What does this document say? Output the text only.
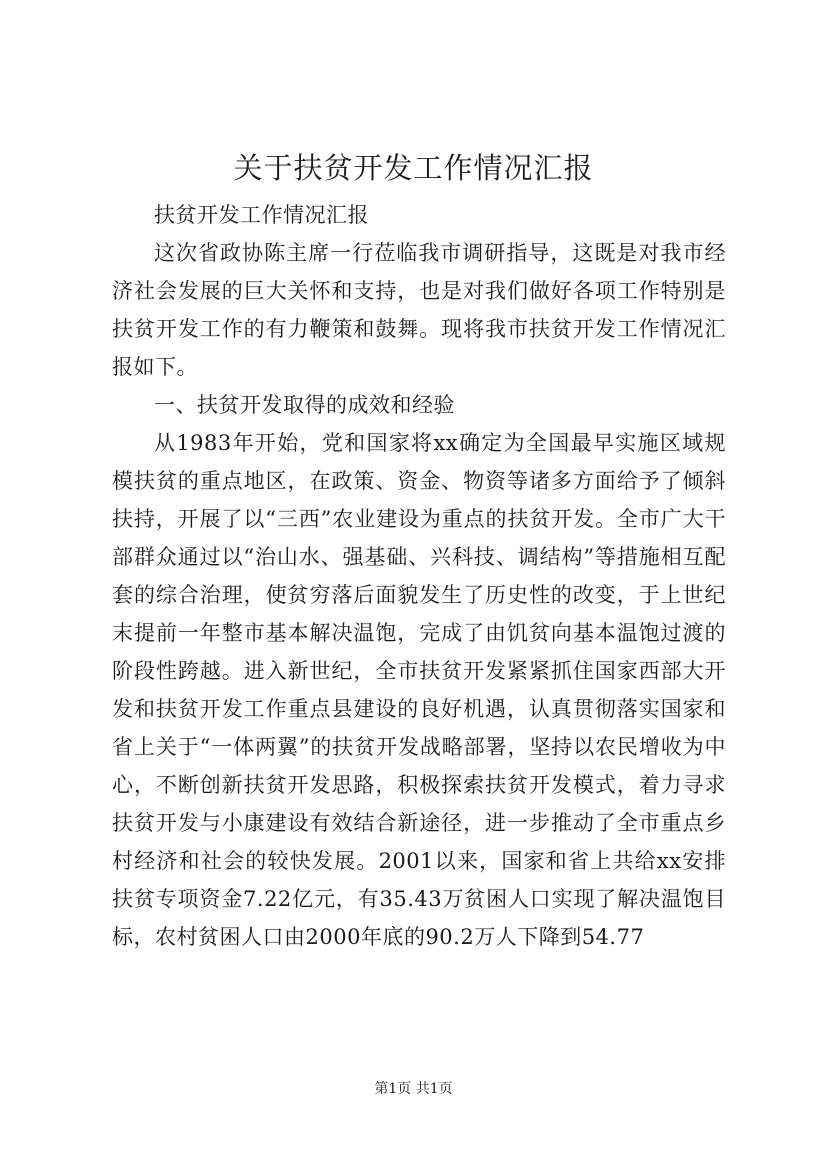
关于扶贫开发工作情况汇报

扶贫开发工作情况汇报

这次省政协陈主席一行莅临我市调研指导，这既是对我市经济社会发展的巨大关怀和支持，也是对我们做好各项工作特别是扶贫开发工作的有力鞭策和鼓舞。现将我市扶贫开发工作情况汇报如下。

一、扶贫开发取得的成效和经验

从1983年开始，党和国家将xx确定为全国最早实施区域规模扶贫的重点地区，在政策、资金、物资等诸多方面给予了倾斜扶持，开展了以“三西”农业建设为重点的扶贫开发。全市广大干部群众通过以“治山水、强基础、兴科技、调结构”等措施相互配套的综合治理，使贫穷落后面貌发生了历史性的改变，于上世纪末提前一年整市基本解决温饱，完成了由饥贫向基本温饱过渡的阶段性跨越。进入新世纪，全市扶贫开发紧紧抓住国家西部大开发和扶贫开发工作重点县建设的良好机遇，认真贯彻落实国家和省上关于“一体两翼”的扶贫开发战略部署，坚持以农民增收为中心，不断创新扶贫开发思路，积极探索扶贫开发模式，着力寻求扶贫开发与小康建设有效结合新途径，进一步推动了全市重点乡村经济和社会的较快发展。2001以来，国家和省上共给xx安排扶贫专项资金7.22亿元，有35.43万贫困人口实现了解决温饱目标，农村贫困人口由2000年底的90.2万人下降到54.77

第1页 共1页
